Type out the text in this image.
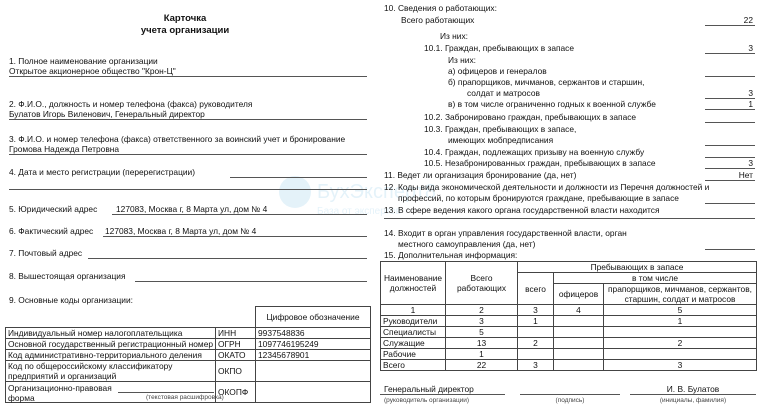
БухЭксперт8
База от экспертов
Карточка
учета организации
1. Полное наименование организации
Открытое акционерное общество "Крон-Ц"
2. Ф.И.О., должность и номер телефона (факса) руководителя
Булатов Игорь Виленович, Генеральный директор
3. Ф.И.О. и номер телефона (факса) ответственного за воинский учет и бронирование
Громова Надежда Петровна
4. Дата и место регистрации (перерегистрации)
5. Юридический адрес 127083, Москва г, 8 Марта ул, дом № 4
6. Фактический адрес 127083, Москва г, 8 Марта ул, дом № 4
7. Почтовый адрес
8. Вышестоящая организация
9. Основные коды организации:
		Цифровое обозначение
Индивидуальный номер налогоплательщика	ИНН	9937548836
Основной государственный регистрационный номер	ОГРН	1097746195249
Код административно-территориального деления	ОКАТО	12345678901
Код по общероссийскому классификатору предприятий и организаций	ОКПО	

Организационно-правовая форма (текстовая расшифровка)	ОКОПФ	
10. Сведения о работающих:
Всего работающих	22
Из них:
10.1. Граждан, пребывающих в запасе	3
Из них:
а) офицеров и генералов
б) прапорщиков, мичманов, сержантов и старшин,
солдат и матросов	3
в) в том числе ограниченно годных к военной службе	1
10.2. Забронировано граждан, пребывающих в запасе
10.3. Граждан, пребывающих в запасе,
имеющих мобпредписания
10.4. Граждан, подлежащих призыву на военную службу
10.5. Незабронированных граждан, пребывающих в запасе	3
11. Ведет ли организация бронирование (да, нет)	Нет
12. Коды вида экономической деятельности и должности из Перечня должностей и
профессий, по которым бронируются граждане, пребывающие в запасе
13. В сфере ведения какого органа государственной власти находится
14. Входит в орган управления государственной власти, орган
местного самоуправления (да, нет)
15. Дополнительная информация:
Наименование должностей	Всего работающих	Пребывающих в запасе		
		всего	в том числе	
			офицеров	прапорщиков, мичманов, сержантов, старшин, солдат и матросов
1	2	3	4	5
Руководители	3	1		1
Специалисты	5			
Служащие	13	2		2
Рабочие	1			
Всего	22	3		3
Генеральный директор
(руководитель организации)	(подпись)
И. В. Булатов
(инициалы, фамилия)
